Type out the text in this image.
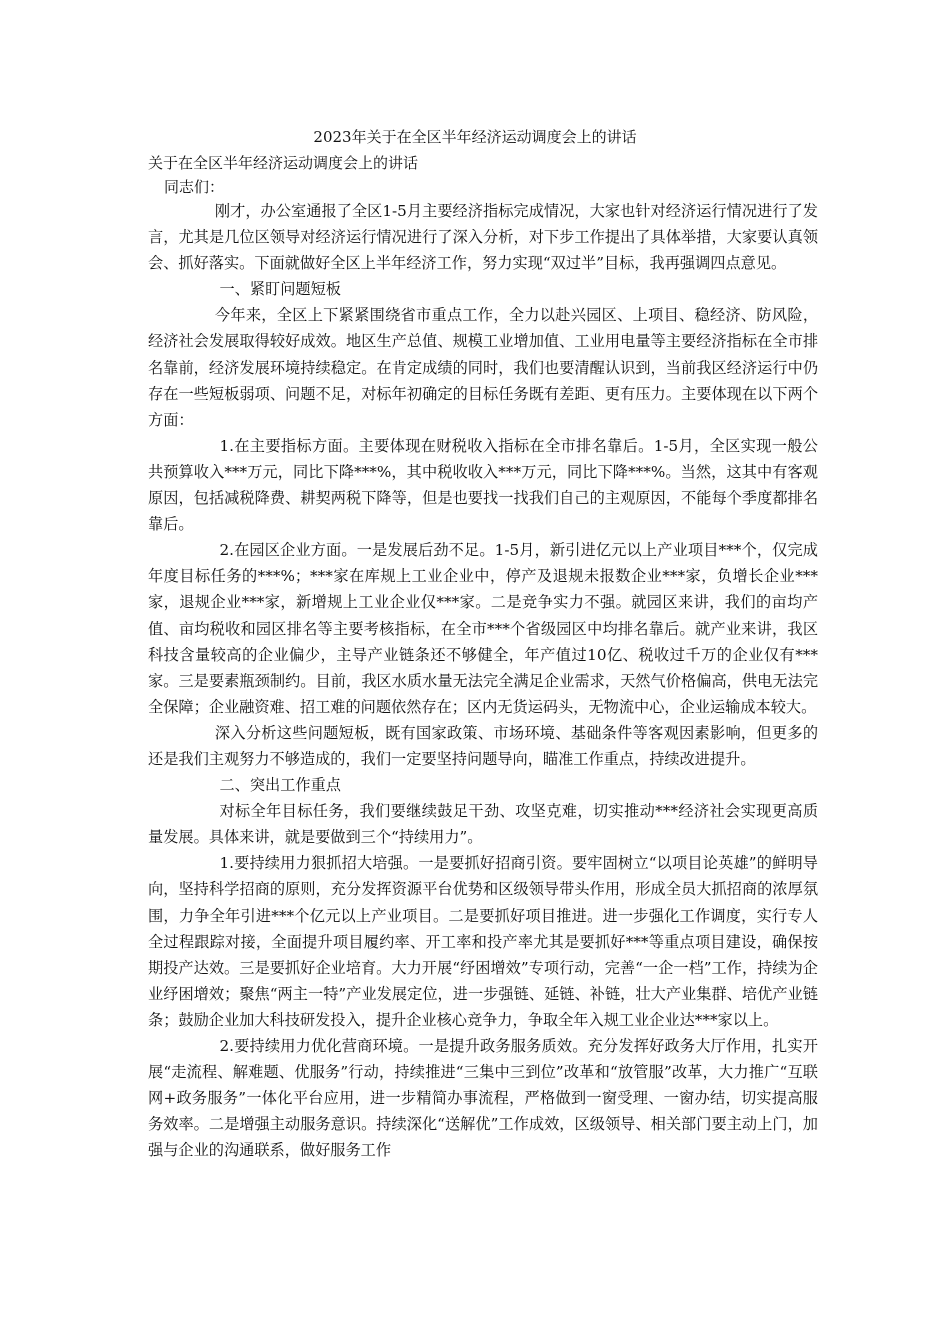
2023年关于在全区半年经济运动调度会上的讲话
关于在全区半年经济运动调度会上的讲话
同志们：

刚才，办公室通报了全区1-5月主要经济指标完成情况，大家也针对经济运行情况进行了发言，尤其是几位区领导对经济运行情况进行了深入分析，对下步工作提出了具体举措，大家要认真领会、抓好落实。下面就做好全区上半年经济工作，努力实现“双过半”目标，我再强调四点意见。

一、紧盯问题短板

今年来，全区上下紧紧围绕省市重点工作，全力以赴兴园区、上项目、稳经济、防风险，经济社会发展取得较好成效。地区生产总值、规模工业增加值、工业用电量等主要经济指标在全市排名靠前，经济发展环境持续稳定。在肯定成绩的同时，我们也要清醒认识到，当前我区经济运行中仍存在一些短板弱项、问题不足，对标年初确定的目标任务既有差距、更有压力。主要体现在以下两个方面：

1.在主要指标方面。主要体现在财税收入指标在全市排名靠后。1-5月，全区实现一般公共预算收入***万元，同比下降***%，其中税收收入***万元，同比下降***%。当然，这其中有客观原因，包括减税降费、耕契两税下降等，但是也要找一找我们自己的主观原因，不能每个季度都排名靠后。

2.在园区企业方面。一是发展后劲不足。1-5月，新引进亿元以上产业项目***个，仅完成年度目标任务的***%；***家在库规上工业企业中，停产及退规未报数企业***家，负增长企业***家，退规企业***家，新增规上工业企业仅***家。二是竞争实力不强。就园区来讲，我们的亩均产值、亩均税收和园区排名等主要考核指标，在全市***个省级园区中均排名靠后。就产业来讲，我区科技含量较高的企业偏少，主导产业链条还不够健全，年产值过10亿、税收过千万的企业仅有***家。三是要素瓶颈制约。目前，我区水质水量无法完全满足企业需求，天然气价格偏高，供电无法完全保障；企业融资难、招工难的问题依然存在；区内无货运码头，无物流中心，企业运输成本较大。

深入分析这些问题短板，既有国家政策、市场环境、基础条件等客观因素影响，但更多的还是我们主观努力不够造成的，我们一定要坚持问题导向，瞄准工作重点，持续改进提升。

二、突出工作重点

对标全年目标任务，我们要继续鼓足干劲、攻坚克难，切实推动***经济社会实现更高质量发展。具体来讲，就是要做到三个“持续用力”。

1.要持续用力狠抓招大培强。一是要抓好招商引资。要牢固树立“以项目论英雄”的鲜明导向，坚持科学招商的原则，充分发挥资源平台优势和区级领导带头作用，形成全员大抓招商的浓厚氛围，力争全年引进***个亿元以上产业项目。二是要抓好项目推进。进一步强化工作调度，实行专人全过程跟踪对接，全面提升项目履约率、开工率和投产率尤其是要抓好***等重点项目建设，确保按期投产达效。三是要抓好企业培育。大力开展“纾困增效”专项行动，完善“一企一档”工作，持续为企业纾困增效；聚焦“两主一特”产业发展定位，进一步强链、延链、补链，壮大产业集群、培优产业链条；鼓励企业加大科技研发投入，提升企业核心竞争力，争取全年入规工业企业达***家以上。

2.要持续用力优化营商环境。一是提升政务服务质效。充分发挥好政务大厅作用，扎实开展“走流程、解难题、优服务”行动，持续推进“三集中三到位”改革和“放管服”改革，大力推广“互联网+政务服务”一体化平台应用，进一步精简办事流程，严格做到一窗受理、一窗办结，切实提高服务效率。二是增强主动服务意识。持续深化“送解优”工作成效，区级领导、相关部门要主动上门，加强与企业的沟通联系，做好服务工作
